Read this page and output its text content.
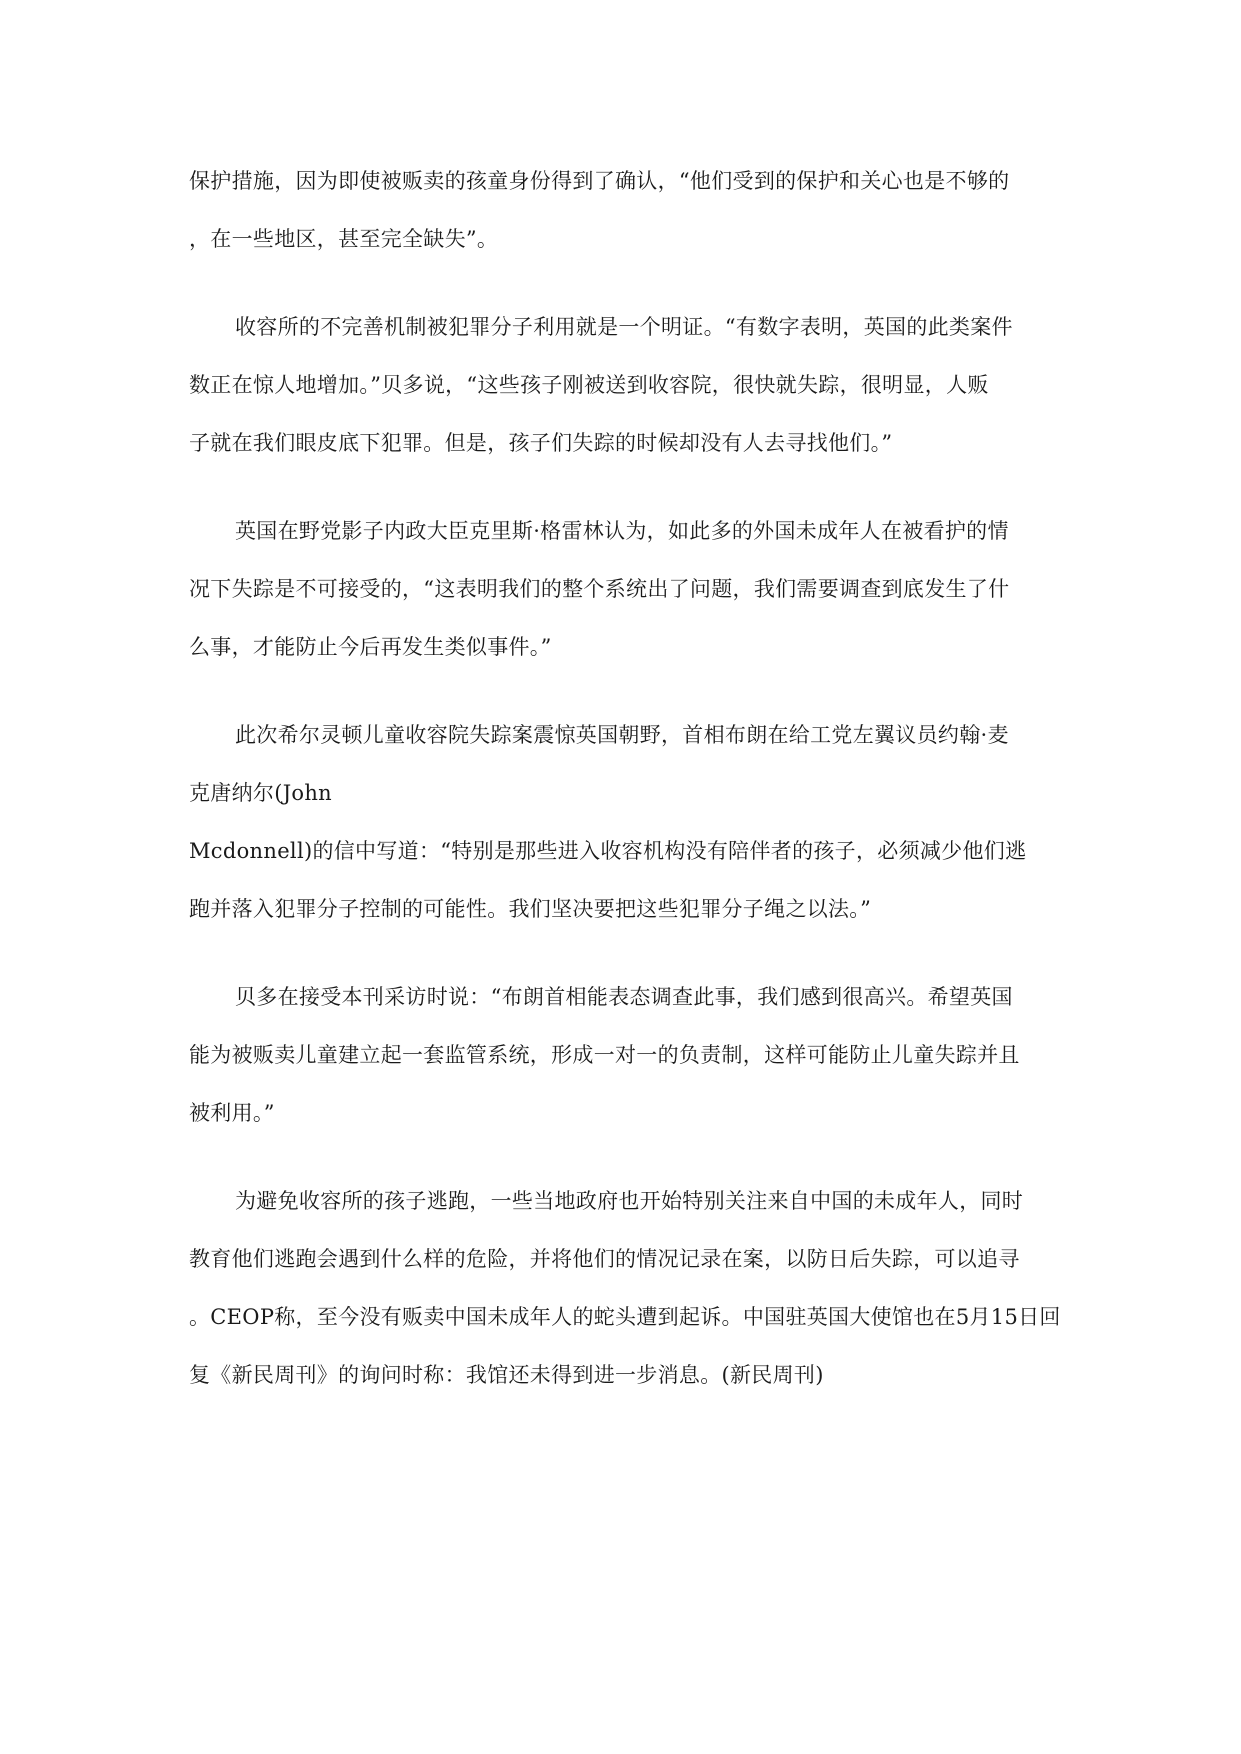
保护措施，因为即使被贩卖的孩童身份得到了确认，“他们受到的保护和关心也是不够的
，在一些地区，甚至完全缺失”。
收容所的不完善机制被犯罪分子利用就是一个明证。“有数字表明，英国的此类案件
数正在惊人地增加。”贝多说，“这些孩子刚被送到收容院，很快就失踪，很明显，人贩
子就在我们眼皮底下犯罪。但是，孩子们失踪的时候却没有人去寻找他们。”
英国在野党影子内政大臣克里斯·格雷林认为，如此多的外国未成年人在被看护的情
况下失踪是不可接受的，“这表明我们的整个系统出了问题，我们需要调查到底发生了什
么事，才能防止今后再发生类似事件。”
此次希尔灵顿儿童收容院失踪案震惊英国朝野，首相布朗在给工党左翼议员约翰·麦
克唐纳尔(John
Mcdonnell)的信中写道：“特别是那些进入收容机构没有陪伴者的孩子，必须减少他们逃
跑并落入犯罪分子控制的可能性。我们坚决要把这些犯罪分子绳之以法。”
贝多在接受本刊采访时说：“布朗首相能表态调查此事，我们感到很高兴。希望英国
能为被贩卖儿童建立起一套监管系统，形成一对一的负责制，这样可能防止儿童失踪并且
被利用。”
为避免收容所的孩子逃跑，一些当地政府也开始特别关注来自中国的未成年人，同时
教育他们逃跑会遇到什么样的危险，并将他们的情况记录在案，以防日后失踪，可以追寻
。CEOP称，至今没有贩卖中国未成年人的蛇头遭到起诉。中国驻英国大使馆也在5月15日回
复《新民周刊》的询问时称：我馆还未得到进一步消息。(新民周刊)
